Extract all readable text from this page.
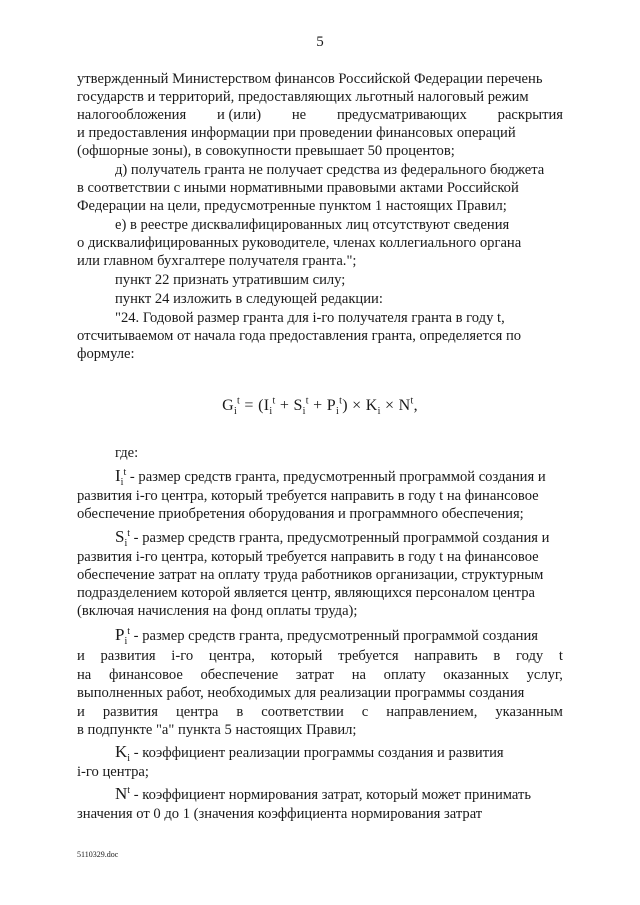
5
утвержденный Министерством финансов Российской Федерации перечень
государств и территорий, предоставляющих льготный налоговый режим
налогообложения и (или) не предусматривающих раскрытия
и предоставления информации при проведении финансовых операций
(офшорные зоны), в совокупности превышает 50 процентов;
д) получатель гранта не получает средства из федерального бюджета
в соответствии с иными нормативными правовыми актами Российской
Федерации на цели, предусмотренные пунктом 1 настоящих Правил;
е) в реестре дисквалифицированных лиц отсутствуют сведения
о дисквалифицированных руководителе, членах коллегиального органа
или главном бухгалтере получателя гранта.";
пункт 22 признать утратившим силу;
пункт 24 изложить в следующей редакции:
"24. Годовой размер гранта для i-го получателя гранта в году t,
отсчитываемом от начала года предоставления гранта, определяется по
формуле:
$G_i^t = (I_i^t + S_i^t + P_i^t) \times K_i \times N^t$,
где:
$I_i^t$ - размер средств гранта, предусмотренный программой создания и
развития i-го центра, который требуется направить в году t на финансовое
обеспечение приобретения оборудования и программного обеспечения;
$S_i^t$ - размер средств гранта, предусмотренный программой создания и
развития i-го центра, который требуется направить в году t на финансовое
обеспечение затрат на оплату труда работников организации, структурным
подразделением которой является центр, являющихся персоналом центра
(включая начисления на фонд оплаты труда);
$P_i^t$ - размер средств гранта, предусмотренный программой создания
и развития i-го центра, который требуется направить в году t
на финансовое обеспечение затрат на оплату оказанных услуг,
выполненных работ, необходимых для реализации программы создания
и развития центра в соответствии с направлением, указанным
в подпункте "а" пункта 5 настоящих Правил;
$K_i$ - коэффициент реализации программы создания и развития
i-го центра;
$N^t$ - коэффициент нормирования затрат, который может принимать
значения от 0 до 1 (значения коэффициента нормирования затрат
5110329.doc
